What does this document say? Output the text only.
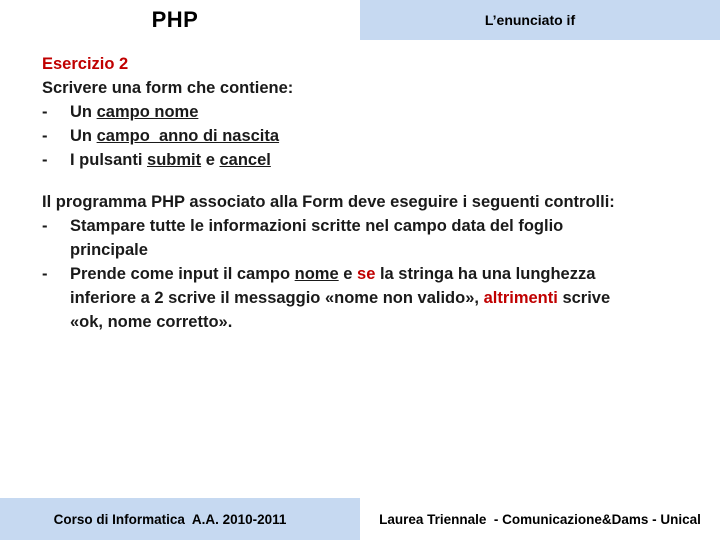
PHP	L’enunciato if
Esercizio 2
Scrivere una form che contiene:
- Un campo nome
- Un campo  anno di nascita
- I pulsanti submit e cancel
Il programma PHP associato alla Form deve eseguire i seguenti controlli:
- Stampare tutte le informazioni scritte nel campo data del foglio
principale
- Prende come input il campo nome e se la stringa ha una lunghezza
inferiore a 2 scrive il messaggio «nome non valido», altrimenti scrive
«ok, nome corretto».
Corso di Informatica  A.A. 2010-2011	Laurea Triennale  - Comunicazione&Dams - Unical
